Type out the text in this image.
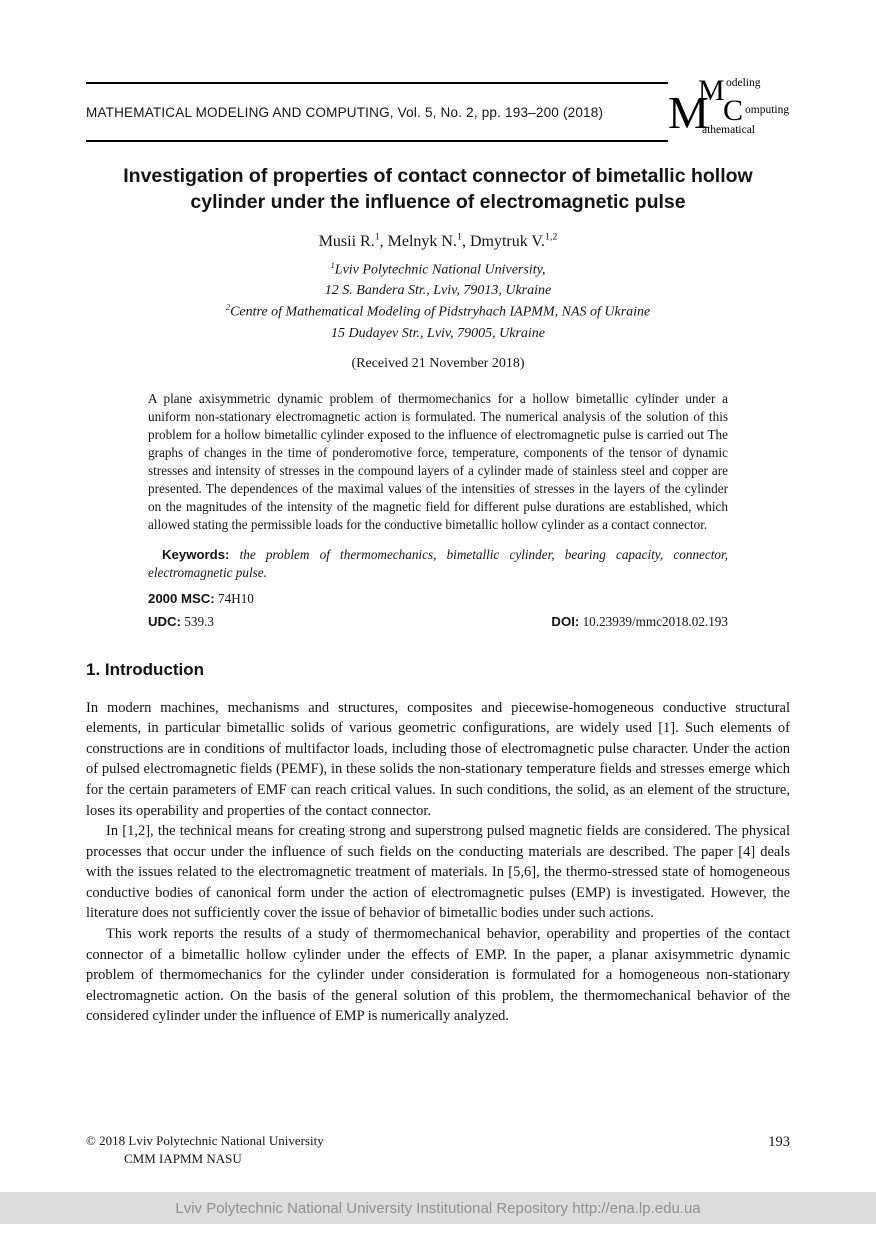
MATHEMATICAL MODELING AND COMPUTING, Vol. 5, No. 2, pp. 193–200 (2018) M
M odeling
C omputing
athematical
Investigation of properties of contact connector of bimetallic hollow cylinder under the influence of electromagnetic pulse
Musii R.$^1$, Melnyk N.$^1$, Dmytruk V.$^{1,2}$
$^1$Lviv Polytechnic National University,
12 S. Bandera Str., Lviv, 79013, Ukraine
$^2$Centre of Mathematical Modeling of Pidstryhach IAPMM, NAS of Ukraine
15 Dudayev Str., Lviv, 79005, Ukraine
(Received 21 November 2018)
A plane axisymmetric dynamic problem of thermomechanics for a hollow bimetallic cylinder under a uniform non-stationary electromagnetic action is formulated. The numerical analysis of the solution of this problem for a hollow bimetallic cylinder exposed to the influence of electromagnetic pulse is carried out The graphs of changes in the time of ponderomotive force, temperature, components of the tensor of dynamic stresses and intensity of stresses in the compound layers of a cylinder made of stainless steel and copper are presented. The dependences of the maximal values of the intensities of stresses in the layers of the cylinder on the magnitudes of the intensity of the magnetic field for different pulse durations are established, which allowed stating the permissible loads for the conductive bimetallic hollow cylinder as a contact connector.
Keywords: the problem of thermomechanics, bimetallic cylinder, bearing capacity, connector, electromagnetic pulse.
2000 MSC: 74H10
UDC: 539.3	DOI: 10.23939/mmc2018.02.193
1. Introduction

In modern machines, mechanisms and structures, composites and piecewise-homogeneous conductive structural elements, in particular bimetallic solids of various geometric configurations, are widely used [1]. Such elements of constructions are in conditions of multifactor loads, including those of electromagnetic pulse character. Under the action of pulsed electromagnetic fields (PEMF), in these solids the non-stationary temperature fields and stresses emerge which for the certain parameters of EMF can reach critical values. In such conditions, the solid, as an element of the structure, loses its operability and properties of the contact connector.

In [1,2], the technical means for creating strong and superstrong pulsed magnetic fields are considered. The physical processes that occur under the influence of such fields on the conducting materials are described. The paper [4] deals with the issues related to the electromagnetic treatment of materials. In [5,6], the thermo-stressed state of homogeneous conductive bodies of canonical form under the action of electromagnetic pulses (EMP) is investigated. However, the literature does not sufficiently cover the issue of behavior of bimetallic bodies under such actions.

This work reports the results of a study of thermomechanical behavior, operability and properties of the contact connector of a bimetallic hollow cylinder under the effects of EMP. In the paper, a planar axisymmetric dynamic problem of thermomechanics for the cylinder under consideration is formulated for a homogeneous non-stationary electromagnetic action. On the basis of the general solution of this problem, the thermomechanical behavior of the considered cylinder under the influence of EMP is numerically analyzed.

© 2018 Lviv Polytechnic National University
CMM IAPMM NASU
193
Lviv Polytechnic National University Institutional Repository http://ena.lp.edu.ua
